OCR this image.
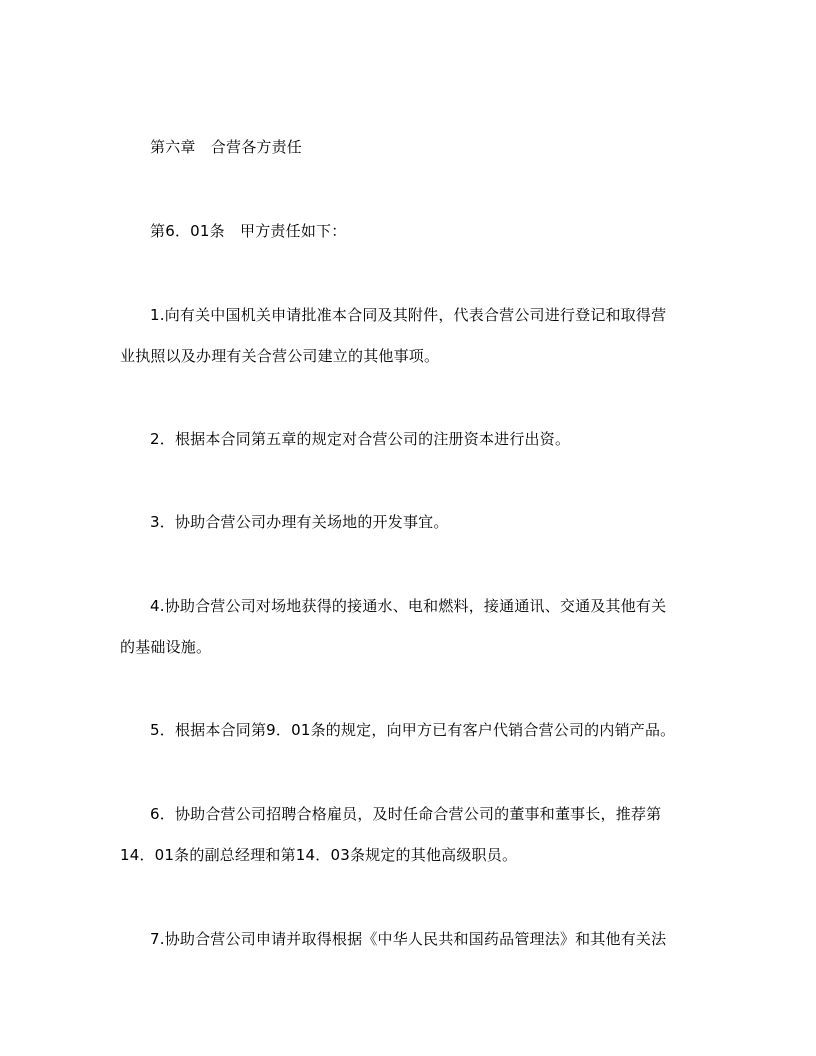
第六章　合营各方责任
第6．01条　甲方责任如下：
1.向有关中国机关申请批准本合同及其附件，代表合营公司进行登记和取得营
业执照以及办理有关合营公司建立的其他事项。
2．根据本合同第五章的规定对合营公司的注册资本进行出资。
3．协助合营公司办理有关场地的开发事宜。
4.协助合营公司对场地获得的接通水、电和燃料，接通通讯、交通及其他有关
的基础设施。
5．根据本合同第9．01条的规定，向甲方已有客户代销合营公司的内销产品。
6．协助合营公司招聘合格雇员，及时任命合营公司的董事和董事长，推荐第
14．01条的副总经理和第14．03条规定的其他高级职员。
7.协助合营公司申请并取得根据《中华人民共和国药品管理法》和其他有关法
